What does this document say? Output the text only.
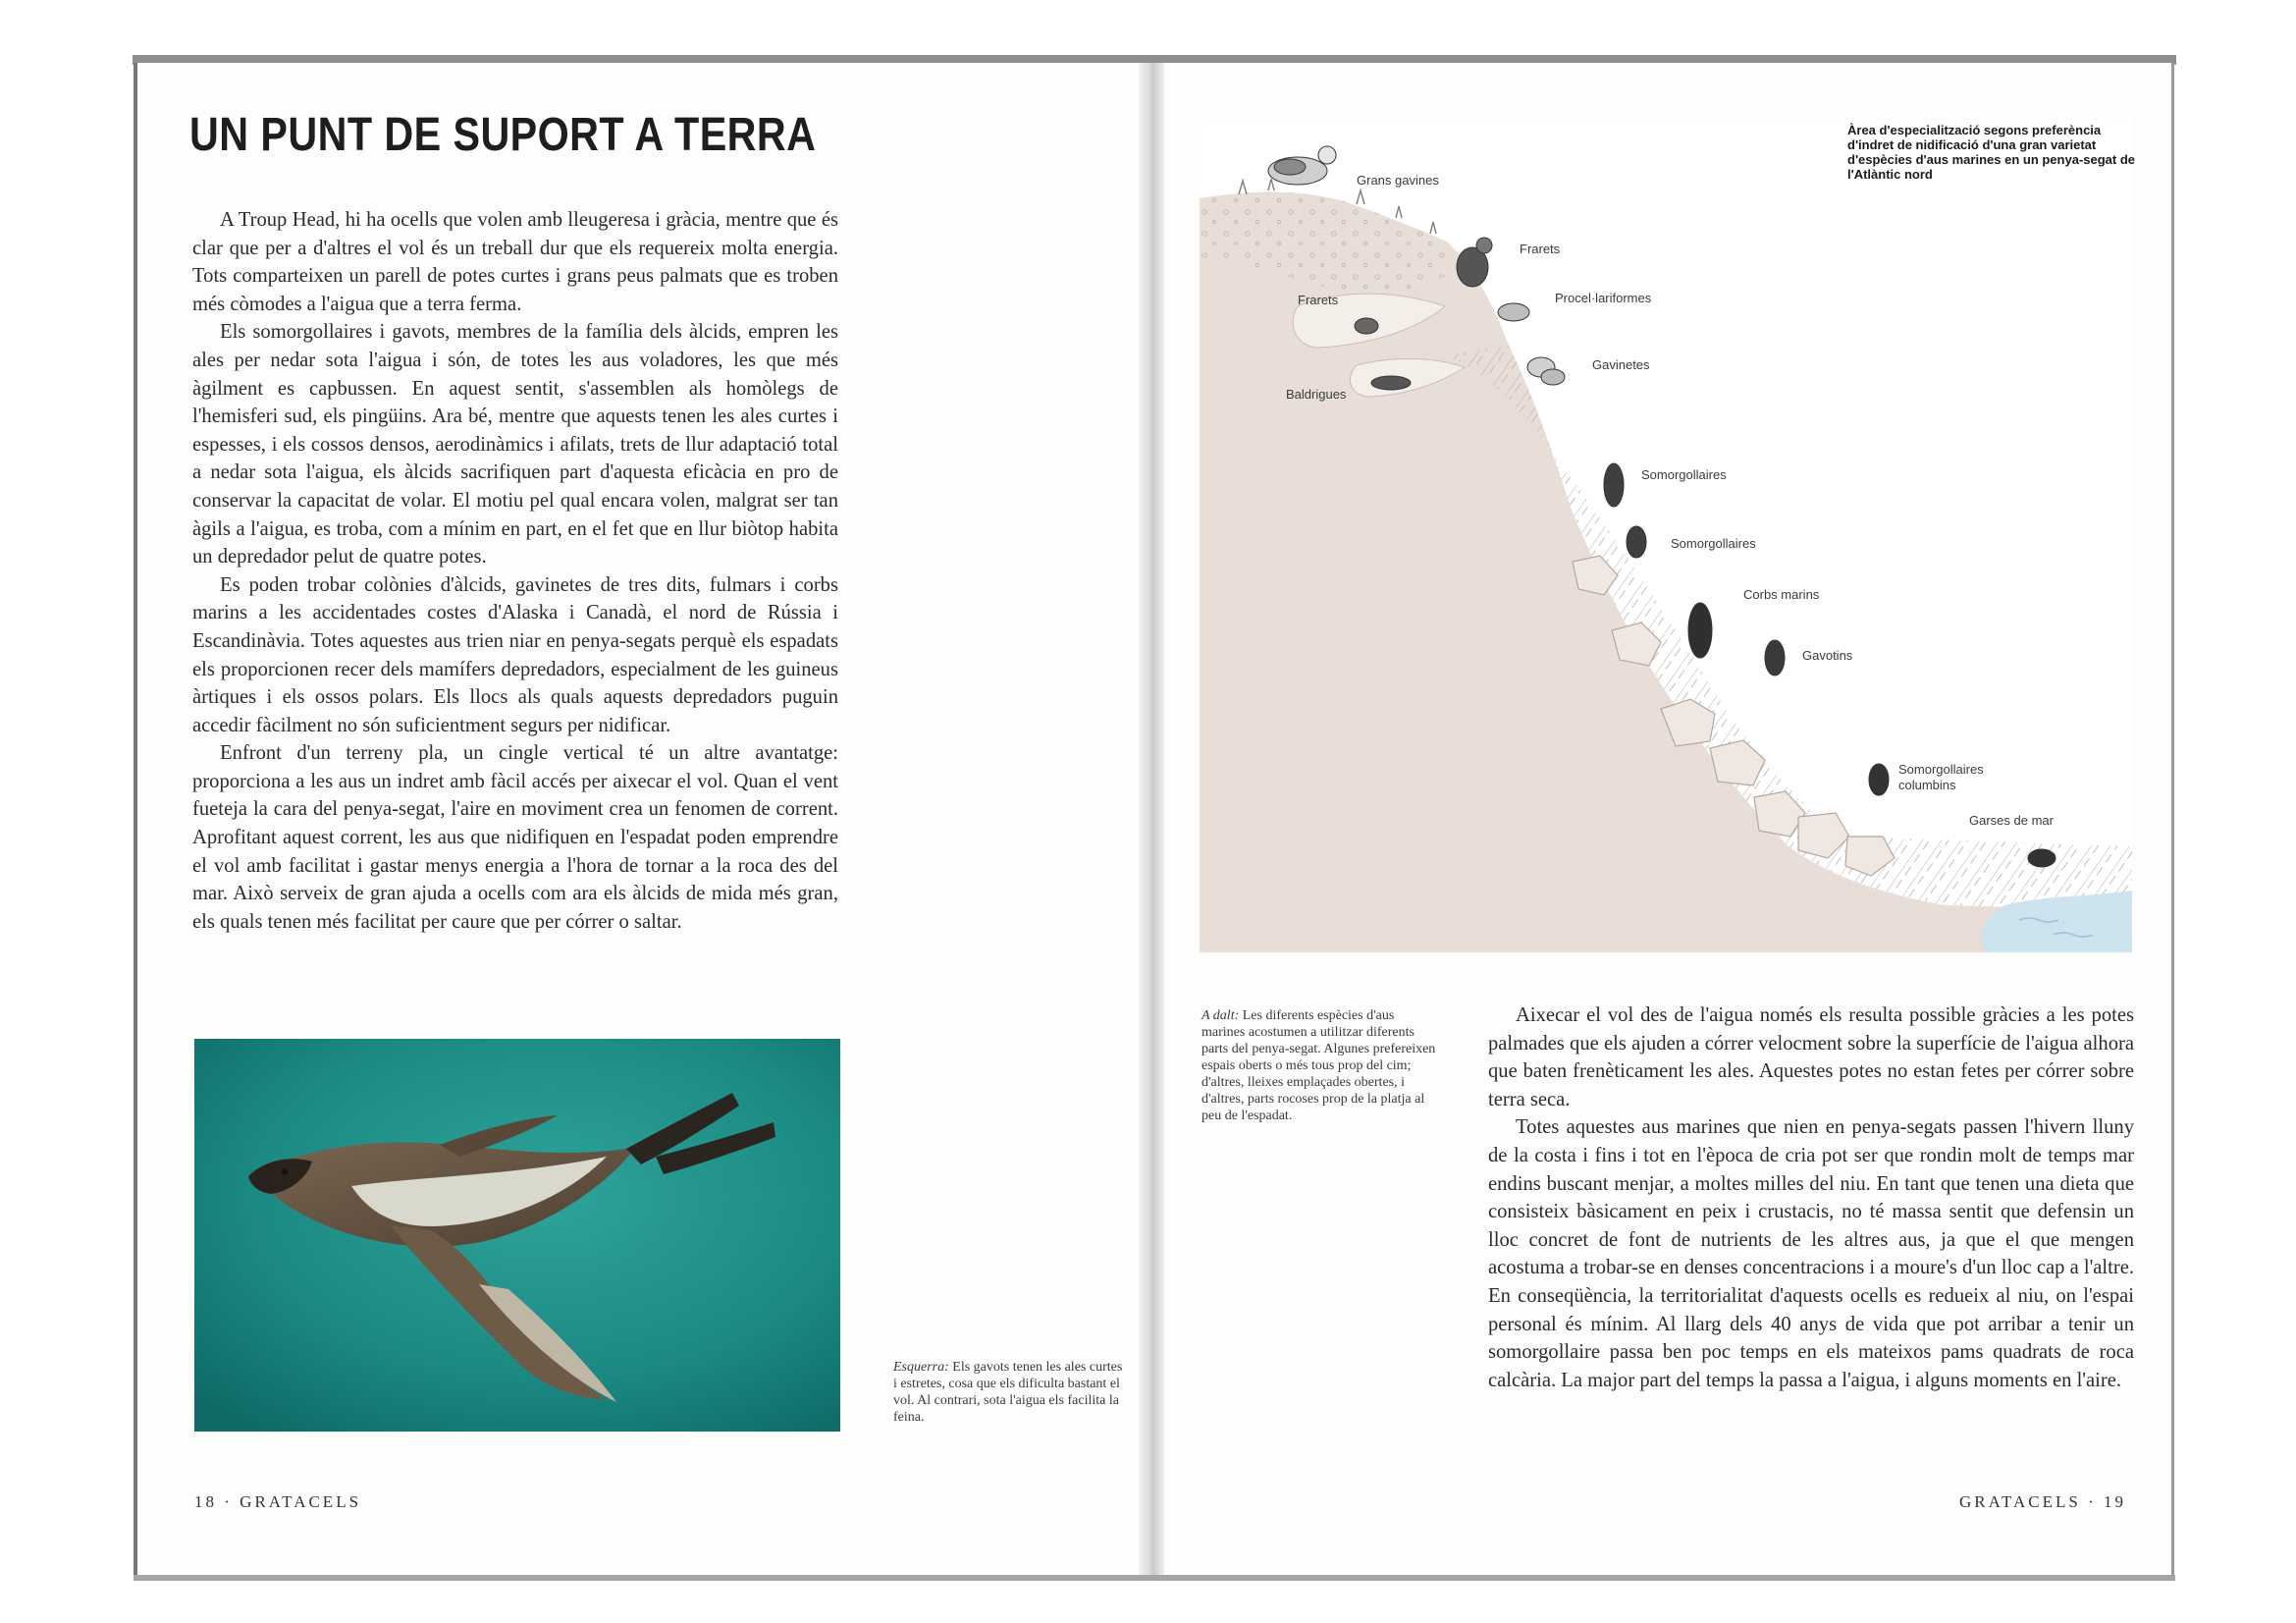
UN PUNT DE SUPORT A TERRA

A Troup Head, hi ha ocells que volen amb lleugeresa i gràcia, mentre que és clar que per a d'altres el vol és un treball dur que els requereix molta energia. Tots comparteixen un parell de potes curtes i grans peus palmats que es troben més còmodes a l'aigua que a terra ferma.

Els somorgollaires i gavots, membres de la família dels àlcids, empren les ales per nedar sota l'aigua i són, de totes les aus voladores, les que més àgilment es capbussen. En aquest sentit, s'assemblen als homòlegs de l'hemisferi sud, els pingüins. Ara bé, mentre que aquests tenen les ales curtes i espesses, i els cossos densos, aerodinàmics i afilats, trets de llur adaptació total a nedar sota l'aigua, els àlcids sacrifiquen part d'aquesta eficàcia en pro de conservar la capacitat de volar. El motiu pel qual encara volen, malgrat ser tan àgils a l'aigua, es troba, com a mínim en part, en el fet que en llur biòtop habita un depredador pelut de quatre potes.

Es poden trobar colònies d'àlcids, gavinetes de tres dits, fulmars i corbs marins a les accidentades costes d'Alaska i Canadà, el nord de Rússia i Escandinàvia. Totes aquestes aus trien niar en penya-segats perquè els espadats els proporcionen recer dels mamífers depredadors, especialment de les guineus àrtiques i els ossos polars. Els llocs als quals aquests depredadors puguin accedir fàcilment no són suficientment segurs per nidificar.

Enfront d'un terreny pla, un cingle vertical té un altre avantatge: proporciona a les aus un indret amb fàcil accés per aixecar el vol. Quan el vent fueteja la cara del penya-segat, l'aire en moviment crea un fenomen de corrent. Aprofitant aquest corrent, les aus que nidifiquen en l'espadat poden emprendre el vol amb facilitat i gastar menys energia a l'hora de tornar a la roca des del mar. Això serveix de gran ajuda a ocells com ara els àlcids de mida més gran, els quals tenen més facilitat per caure que per córrer o saltar.

Esquerra: Els gavots tenen les ales curtes i estretes, cosa que els dificulta bastant el vol. Al contrari, sota l'aigua els facilita la feina.
18 · GRATACELS
Àrea d'especialització segons preferència d'indret de nidificació d'una gran varietat d'espècies d'aus marines en un penya-segat de l'Atlàntic nord
Grans gavines
Frarets
Frarets	Procel·lariformes
Gavinetes
Baldrigues
Somorgollaires
Somorgollaires
Corbs marins
Gavotins
Somorgollaires
columbins
Garses de mar
A dalt: Les diferents espècies d'aus marines acostumen a utilitzar diferents parts del penya-segat. Algunes prefereixen espais oberts o més tous prop del cim; d'altres, lleixes emplaçades obertes, i d'altres, parts rocoses prop de la platja al peu de l'espadat.

Aixecar el vol des de l'aigua només els resulta possible gràcies a les potes palmades que els ajuden a córrer velocment sobre la superfície de l'aigua alhora que baten frenèticament les ales. Aquestes potes no estan fetes per córrer sobre terra seca.

Totes aquestes aus marines que nien en penya-segats passen l'hivern lluny de la costa i fins i tot en l'època de cria pot ser que rondin molt de temps mar endins buscant menjar, a moltes milles del niu. En tant que tenen una dieta que consisteix bàsicament en peix i crustacis, no té massa sentit que defensin un lloc concret de font de nutrients de les altres aus, ja que el que mengen acostuma a trobar-se en denses concentracions i a moure's d'un lloc cap a l'altre. En conseqüència, la territorialitat d'aquests ocells es redueix al niu, on l'espai personal és mínim. Al llarg dels 40 anys de vida que pot arribar a tenir un somorgollaire passa ben poc temps en els mateixos pams quadrats de roca calcària. La major part del temps la passa a l'aigua, i alguns moments en l'aire.

GRATACELS · 19
